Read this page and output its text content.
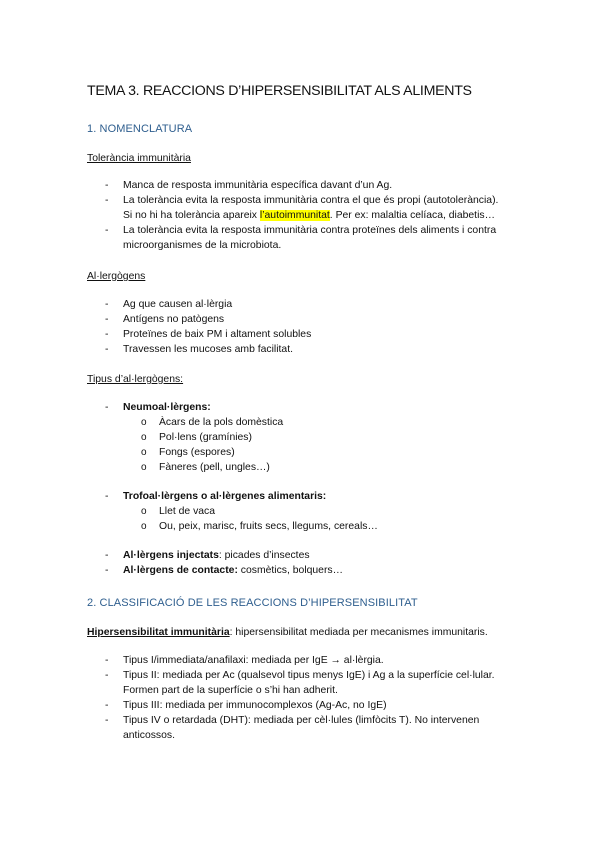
TEMA 3. REACCIONS D’HIPERSENSIBILITAT ALS ALIMENTS
1. NOMENCLATURA
Tolerància immunitària
- Manca de resposta immunitària específica davant d’un Ag.
- La tolerància evita la resposta immunitària contra el que és propi (autotolerància).
Si no hi ha tolerància apareix l’autoimmunitat. Per ex: malaltia celíaca, diabetis…
- La tolerància evita la resposta immunitària contra proteïnes dels aliments i contra
microorganismes de la microbiota.
Al·lergògens
- Ag que causen al·lèrgia
- Antígens no patògens
- Proteïnes de baix PM i altament solubles
- Travessen les mucoses amb facilitat.
Tipus d’al·lergògens:
- Neumoal·lèrgens:
o Àcars de la pols domèstica
o Pol·lens (gramínies)
o Fongs (espores)
o Fàneres (pell, ungles…)
- Trofoal·lèrgens o al·lèrgenes alimentaris:
o Llet de vaca
o Ou, peix, marisc, fruits secs, llegums, cereals…
- Al·lèrgens injectats: picades d’insectes
- Al·lèrgens de contacte: cosmètics, bolquers…
2. CLASSIFICACIÓ DE LES REACCIONS D’HIPERSENSIBILITAT
Hipersensibilitat immunitària: hipersensibilitat mediada per mecanismes immunitaris.
- Tipus I/immediata/anafilaxi: mediada per IgE → al·lèrgia.
- Tipus II: mediada per Ac (qualsevol tipus menys IgE) i Ag a la superfície cel·lular.
Formen part de la superfície o s’hi han adherit.
- Tipus III: mediada per immunocomplexos (Ag-Ac, no IgE)
- Tipus IV o retardada (DHT): mediada per cèl·lules (limfòcits T). No intervenen
anticossos.
